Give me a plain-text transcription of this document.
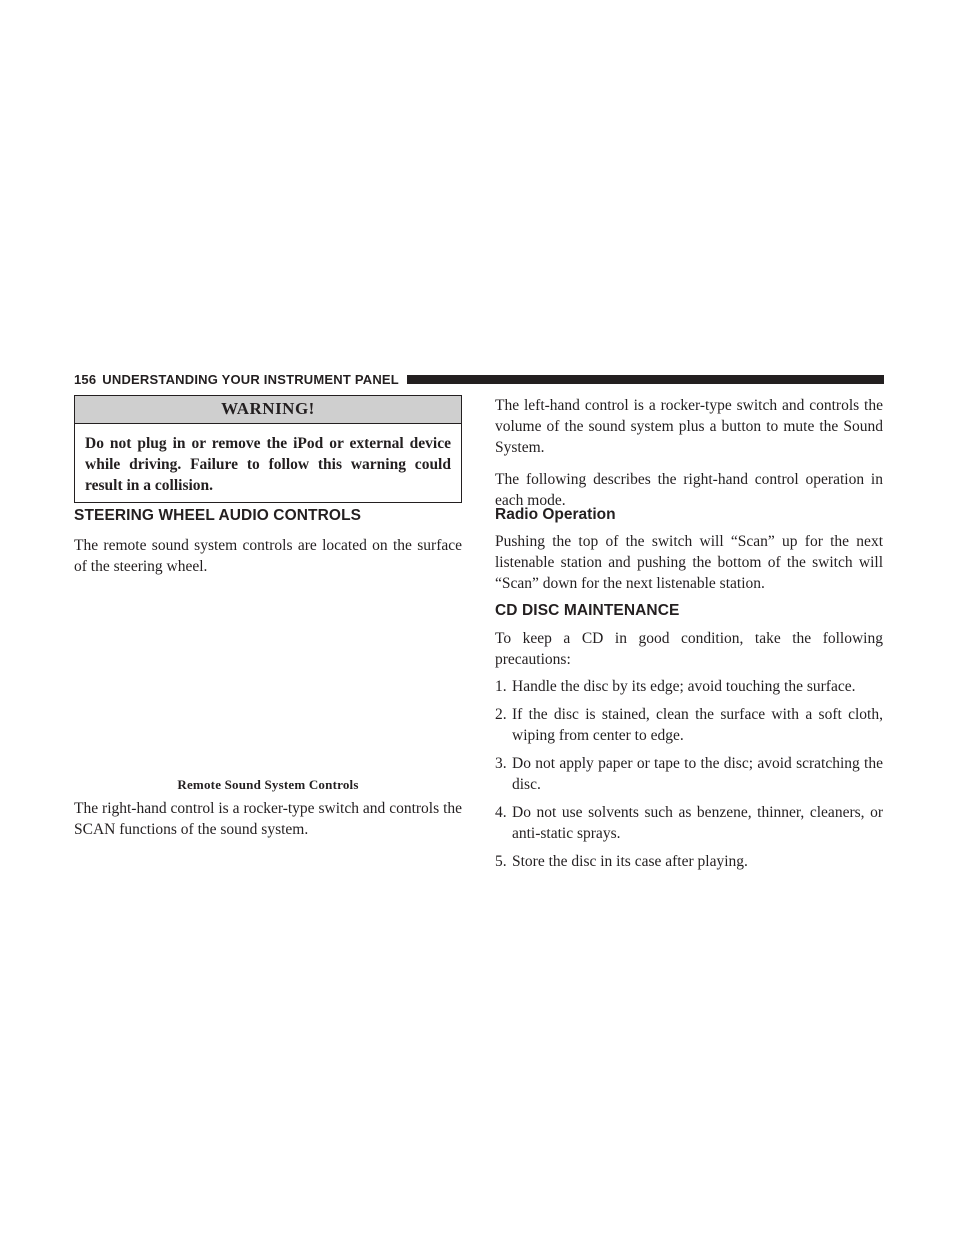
156 UNDERSTANDING YOUR INSTRUMENT PANEL
WARNING!
Do not plug in or remove the iPod or external device while driving. Failure to follow this warning could result in a collision.
STEERING WHEEL AUDIO CONTROLS

The remote sound system controls are located on the surface of the steering wheel.

Remote Sound System Controls

The right-hand control is a rocker-type switch and controls the SCAN functions of the sound system.

The left-hand control is a rocker-type switch and controls the volume of the sound system plus a button to mute the Sound System.

The following describes the right-hand control operation in each mode.

Radio Operation

Pushing the top of the switch will “Scan” up for the next listenable station and pushing the bottom of the switch will “Scan” down for the next listenable station.

CD DISC MAINTENANCE

To keep a CD in good condition, take the following precautions:

1. Handle the disc by its edge; avoid touching the surface.
2. If the disc is stained, clean the surface with a soft cloth, wiping from center to edge.
3. Do not apply paper or tape to the disc; avoid scratching the disc.
4. Do not use solvents such as benzene, thinner, cleaners, or anti-static sprays.
5. Store the disc in its case after playing.
